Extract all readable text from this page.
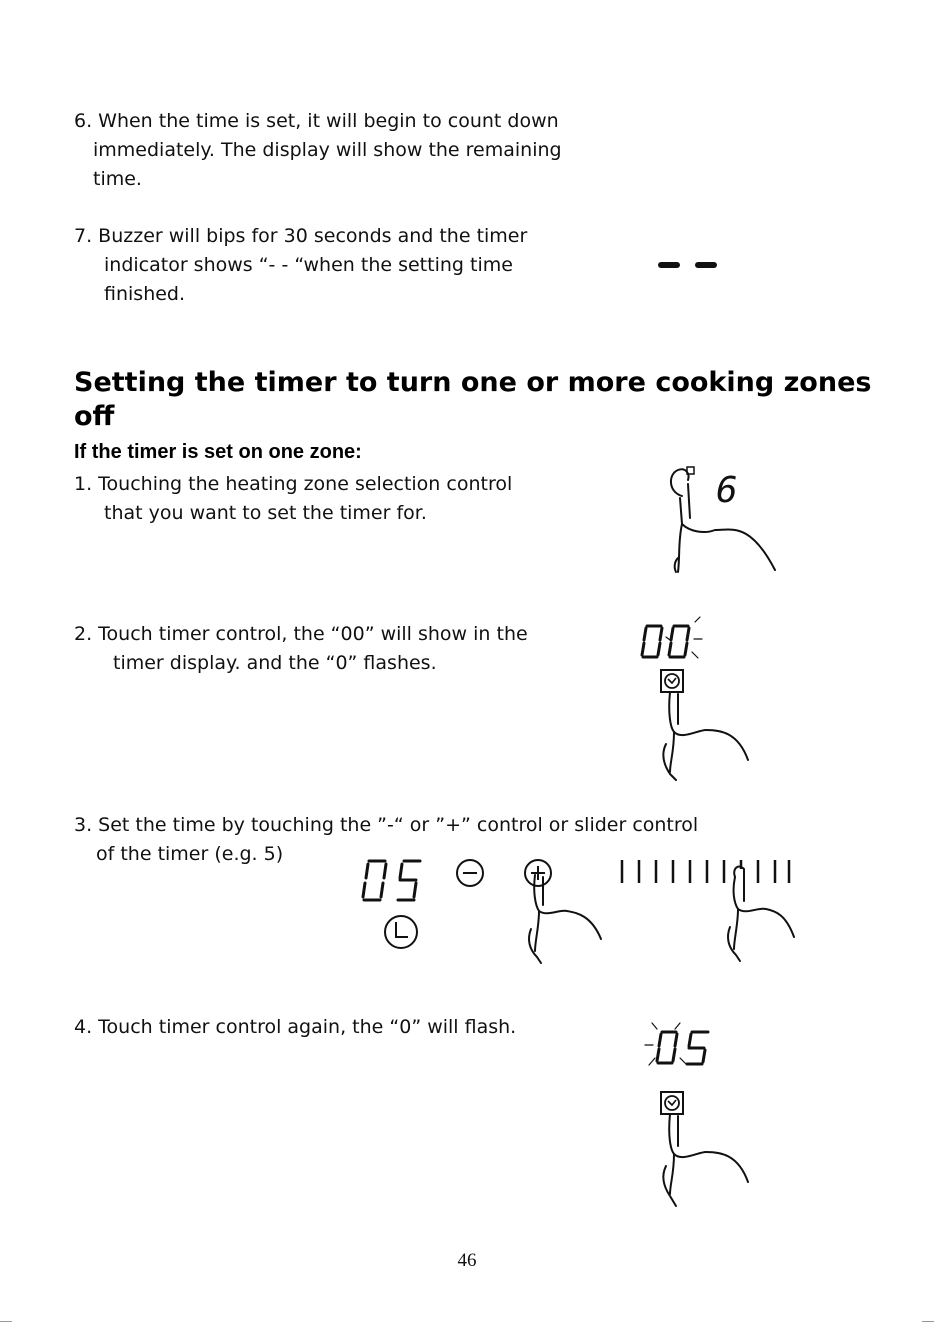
6. When the time is set, it will begin to count down
immediately. The display will show the remaining
time.
7. Buzzer will bips for 30 seconds and the timer
indicator shows “- - “when the setting time
finished.
Setting the timer to turn one or more cooking zones off
If the timer is set on one zone:
1. Touching the heating zone selection control
that you want to set the timer for.
6
2. Touch timer control, the “00” will show in the
timer display. and the “0” flashes.
3. Set the time by touching the ”-“ or ”+” control or slider control
of the timer (e.g. 5)
4. Touch timer control again, the “0” will flash.
46
